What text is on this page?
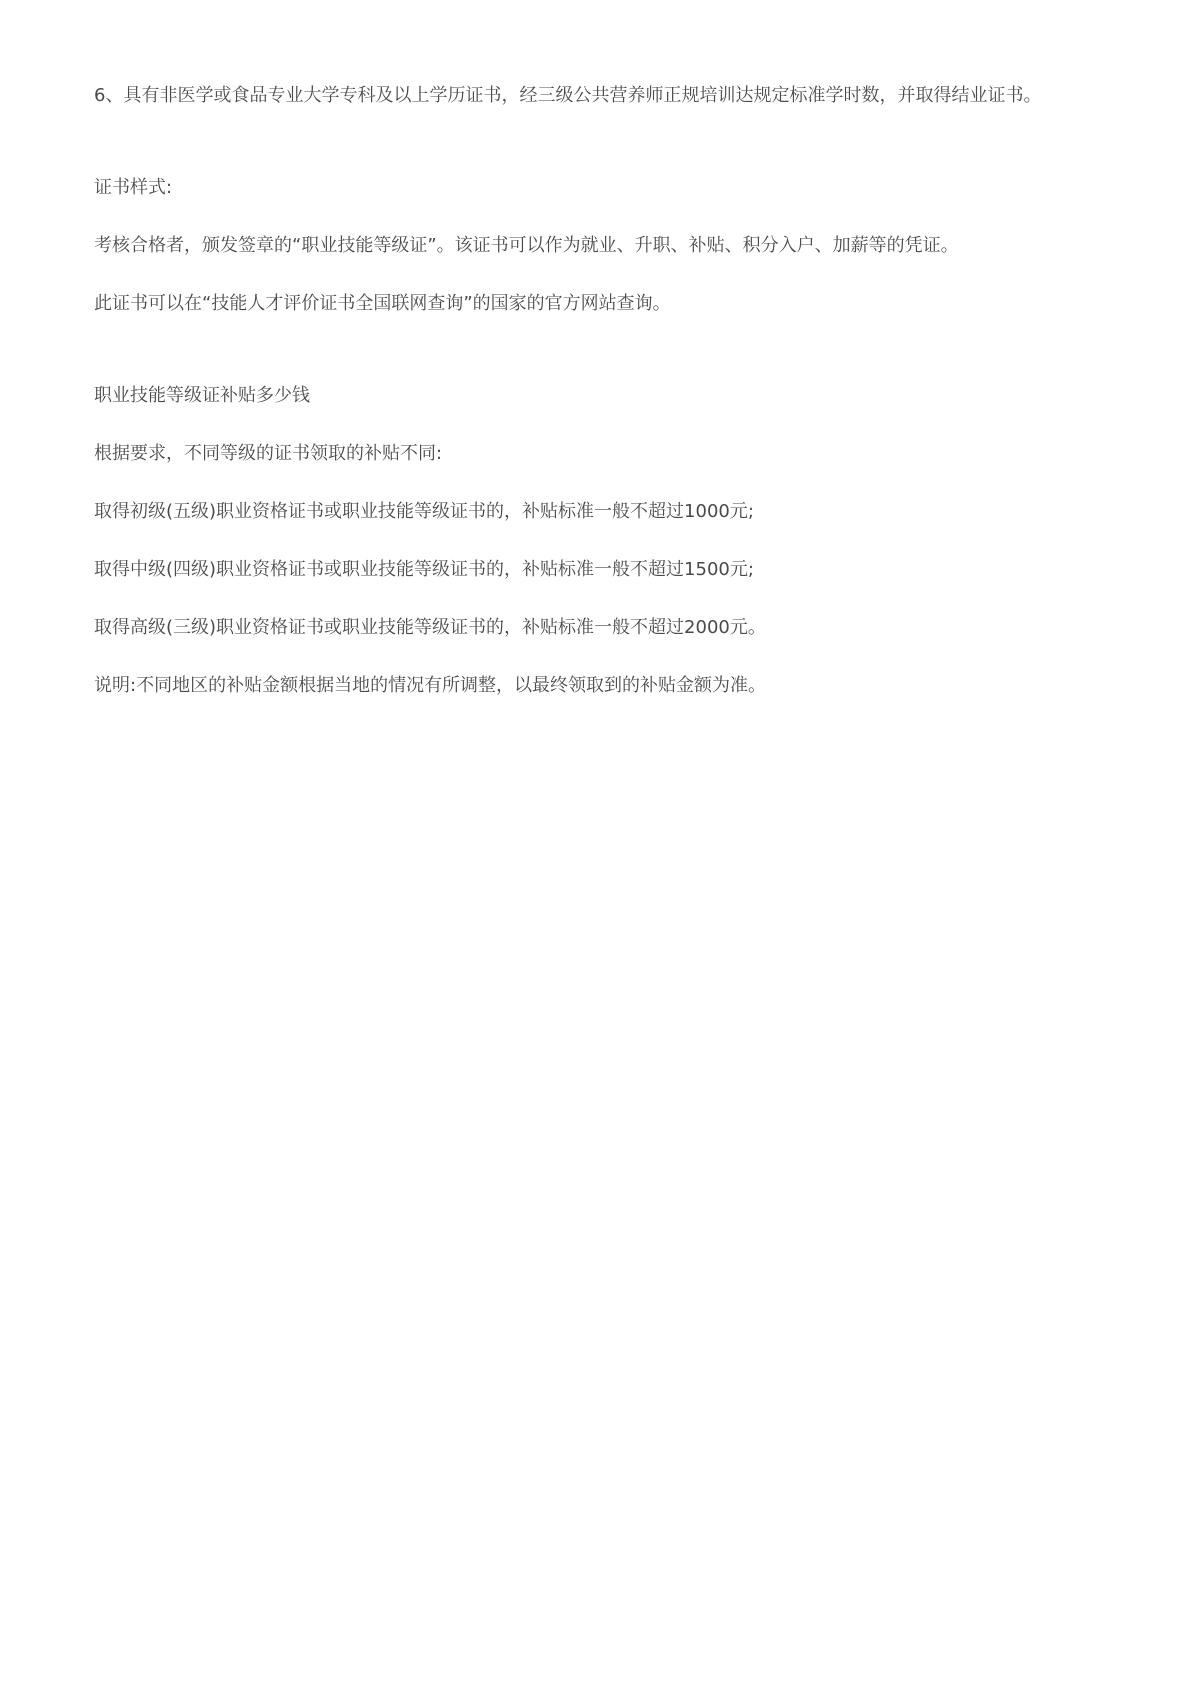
6、具有非医学或食品专业大学专科及以上学历证书，经三级公共营养师正规培训达规定标准学时数，并取得结业证书。

证书样式:

考核合格者，颁发签章的“职业技能等级证”。该证书可以作为就业、升职、补贴、积分入户、加薪等的凭证。

此证书可以在“技能人才评价证书全国联网查询”的国家的官方网站查询。

职业技能等级证补贴多少钱

根据要求，不同等级的证书领取的补贴不同:

取得初级(五级)职业资格证书或职业技能等级证书的，补贴标准一般不超过1000元;

取得中级(四级)职业资格证书或职业技能等级证书的，补贴标准一般不超过1500元;

取得高级(三级)职业资格证书或职业技能等级证书的，补贴标准一般不超过2000元。

说明:不同地区的补贴金额根据当地的情况有所调整，以最终领取到的补贴金额为准。
